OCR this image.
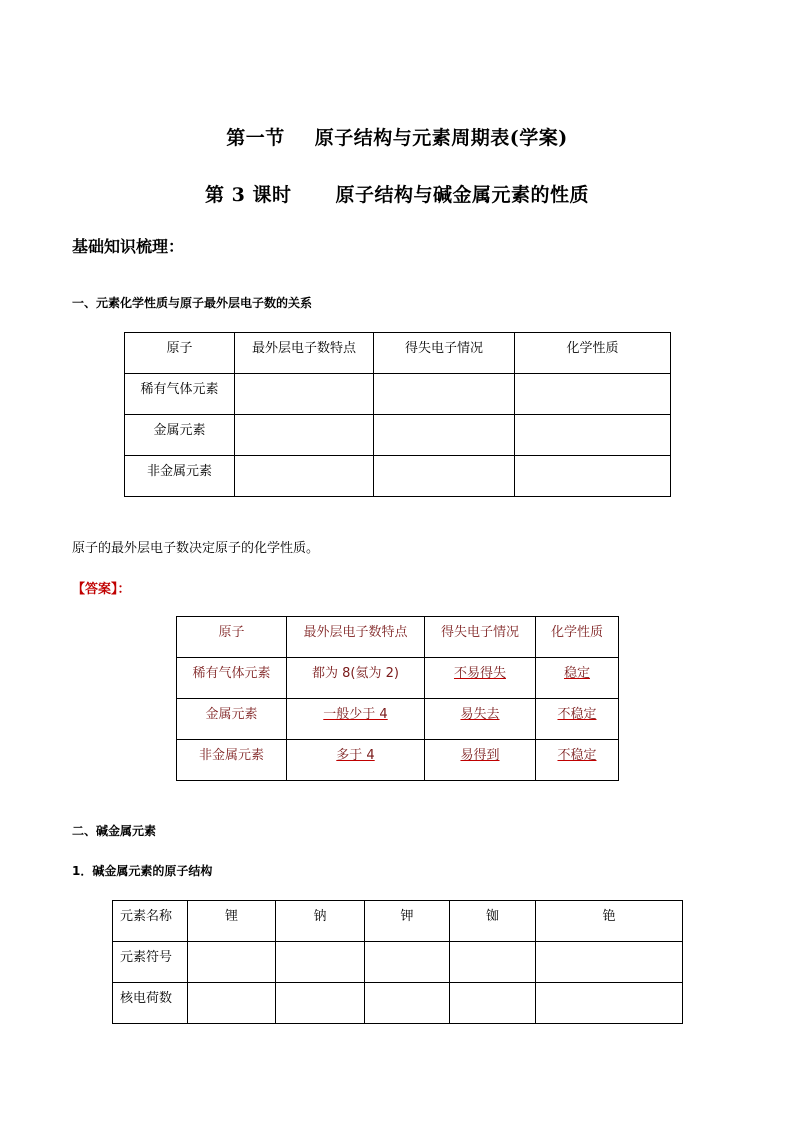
第一节 原子结构与元素周期表(学案)
第 3 课时 原子结构与碱金属元素的性质
基础知识梳理：
一、元素化学性质与原子最外层电子数的关系
原子	最外层电子数特点	得失电子情况	化学性质
稀有气体元素			
金属元素			
非金属元素			
原子的最外层电子数决定原子的化学性质。
【答案】：
原子	最外层电子数特点	得失电子情况	化学性质
稀有气体元素	都为 8(氦为 2)	不易得失	稳定
金属元素	一般少于 4	易失去	不稳定
非金属元素	多于 4	易得到	不稳定
二、碱金属元素
1．碱金属元素的原子结构
元素名称	锂	钠	钾	铷	铯
元素符号					
核电荷数					
